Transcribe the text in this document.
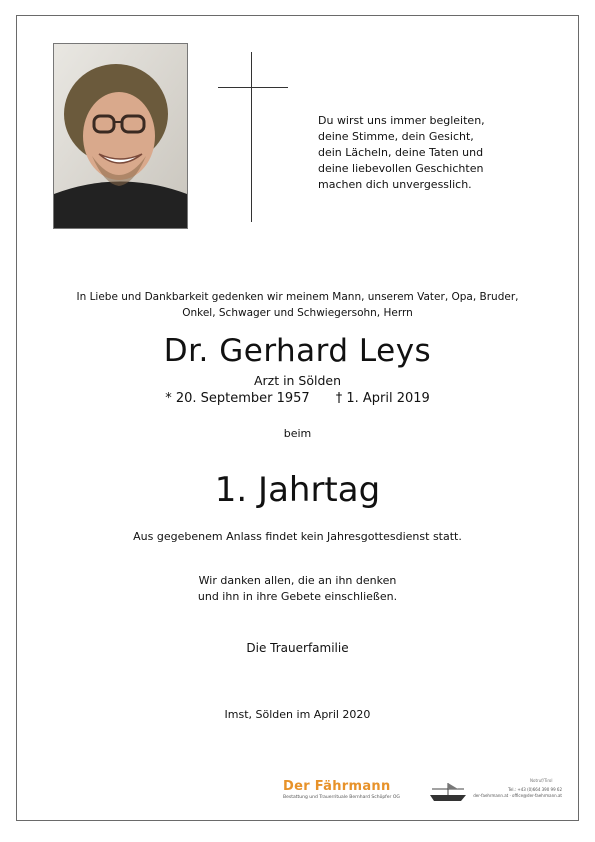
Du wirst uns immer begleiten,
deine Stimme, dein Gesicht,
dein Lächeln, deine Taten und
deine liebevollen Geschichten
machen dich unvergesslich.
In Liebe und Dankbarkeit gedenken wir meinem Mann, unserem Vater, Opa, Bruder,
Onkel, Schwager und Schwiegersohn, Herrn
Dr. Gerhard Leys
Arzt in Sölden
* 20. September 1957 † 1. April 2019
beim
1. Jahrtag
Aus gegebenem Anlass findet kein Jahresgottesdienst statt.
Wir danken allen, die an ihn denken
und ihn in ihre Gebete einschließen.
Die Trauerfamilie
Imst, Sölden im April 2020
Der Fährmann
Bestattung und Trauerrituale Bernhard Schöpfer OG
Notruf/Tirol
Tel.: +43 (0)664 390 99 62
der-faehrmann.at · office@der-faehrmann.at
